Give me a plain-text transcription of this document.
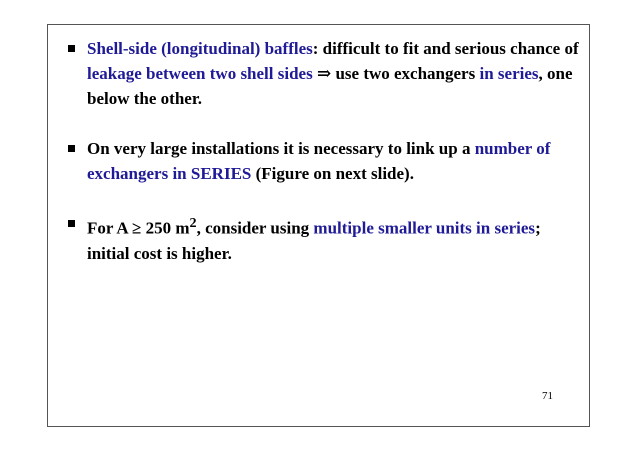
Shell-side (longitudinal) baffles: difficult to fit and serious chance of leakage between two shell sides ⇒ use two exchangers in series, one below the other.
On very large installations it is necessary to link up a number of exchangers in SERIES (Figure on next slide).
For A ≥ 250 $m^2$, consider using multiple smaller units in series; initial cost is higher.
71
